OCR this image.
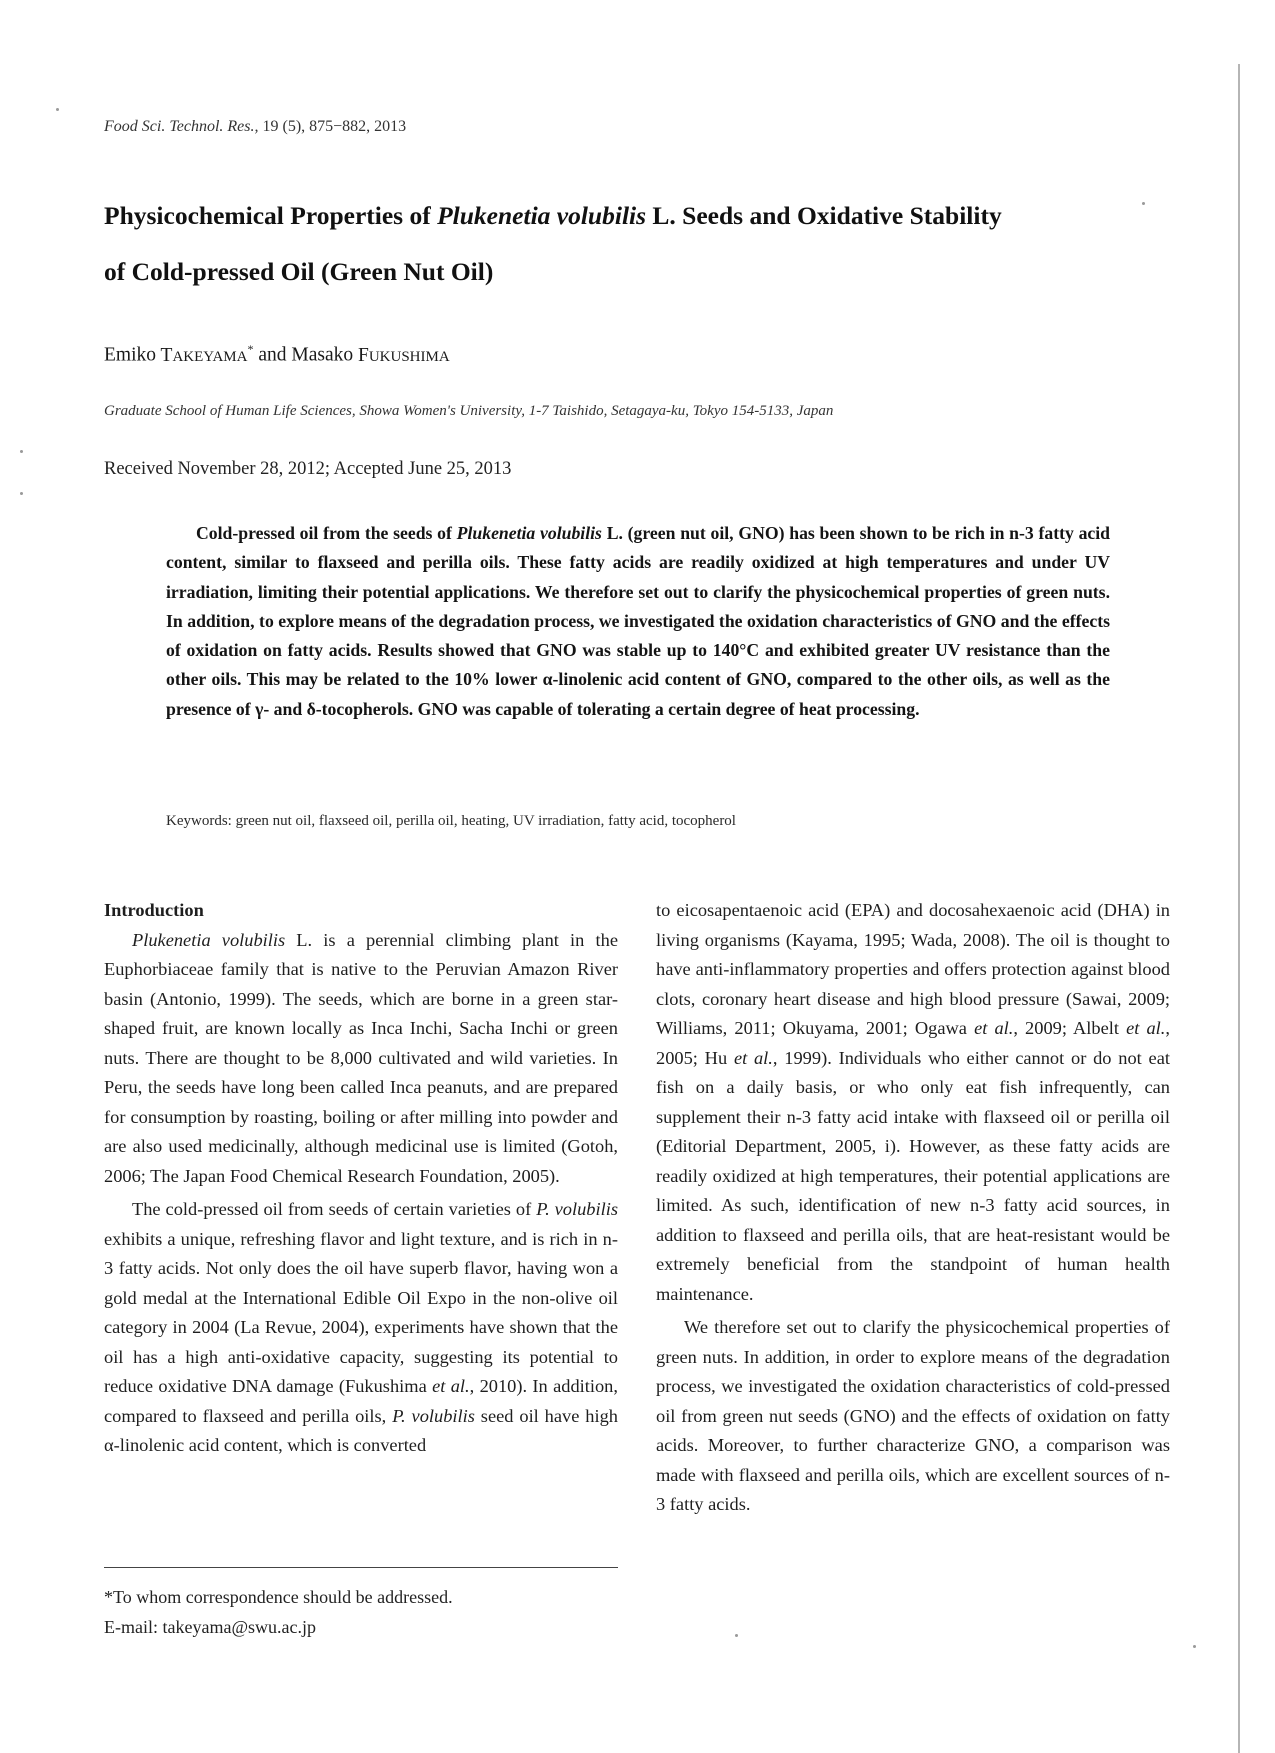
Food Sci. Technol. Res., 19 (5), 875−882, 2013
Physicochemical Properties of Plukenetia volubilis L. Seeds and Oxidative Stability
of Cold-pressed Oil (Green Nut Oil)
Emiko TAKEYAMA* and Masako FUKUSHIMA
Graduate School of Human Life Sciences, Showa Women's University, 1-7 Taishido, Setagaya-ku, Tokyo 154-5133, Japan
Received November 28, 2012; Accepted June 25, 2013
Cold-pressed oil from the seeds of Plukenetia volubilis L. (green nut oil, GNO) has been shown to be rich in n-3 fatty acid content, similar to flaxseed and perilla oils. These fatty acids are readily oxidized at high temperatures and under UV irradiation, limiting their potential applications. We therefore set out to clarify the physicochemical properties of green nuts. In addition, to explore means of the degradation process, we investigated the oxidation characteristics of GNO and the effects of oxidation on fatty acids. Results showed that GNO was stable up to 140°C and exhibited greater UV resistance than the other oils. This may be related to the 10% lower α-linolenic acid content of GNO, compared to the other oils, as well as the presence of γ- and δ-tocopherols. GNO was capable of tolerating a certain degree of heat processing.
Keywords: green nut oil, flaxseed oil, perilla oil, heating, UV irradiation, fatty acid, tocopherol
Introduction

Plukenetia volubilis L. is a perennial climbing plant in the Euphorbiaceae family that is native to the Peruvian Amazon River basin (Antonio, 1999). The seeds, which are borne in a green star-shaped fruit, are known locally as Inca Inchi, Sacha Inchi or green nuts. There are thought to be 8,000 cultivated and wild varieties. In Peru, the seeds have long been called Inca peanuts, and are prepared for consumption by roasting, boiling or after milling into powder and are also used medicinally, although medicinal use is limited (Gotoh, 2006; The Japan Food Chemical Research Foundation, 2005).

The cold-pressed oil from seeds of certain varieties of P. volubilis exhibits a unique, refreshing flavor and light texture, and is rich in n-3 fatty acids. Not only does the oil have superb flavor, having won a gold medal at the International Edible Oil Expo in the non-olive oil category in 2004 (La Revue, 2004), experiments have shown that the oil has a high anti-oxidative capacity, suggesting its potential to reduce oxidative DNA damage (Fukushima et al., 2010). In addition, compared to flaxseed and perilla oils, P. volubilis seed oil have high α-linolenic acid content, which is converted

to eicosapentaenoic acid (EPA) and docosahexaenoic acid (DHA) in living organisms (Kayama, 1995; Wada, 2008). The oil is thought to have anti-inflammatory properties and offers protection against blood clots, coronary heart disease and high blood pressure (Sawai, 2009; Williams, 2011; Okuyama, 2001; Ogawa et al., 2009; Albelt et al., 2005; Hu et al., 1999). Individuals who either cannot or do not eat fish on a daily basis, or who only eat fish infrequently, can supplement their n-3 fatty acid intake with flaxseed oil or perilla oil (Editorial Department, 2005, i). However, as these fatty acids are readily oxidized at high temperatures, their potential applications are limited. As such, identification of new n-3 fatty acid sources, in addition to flaxseed and perilla oils, that are heat-resistant would be extremely beneficial from the standpoint of human health maintenance.

We therefore set out to clarify the physicochemical properties of green nuts. In addition, in order to explore means of the degradation process, we investigated the oxidation characteristics of cold-pressed oil from green nut seeds (GNO) and the effects of oxidation on fatty acids. Moreover, to further characterize GNO, a comparison was made with flaxseed and perilla oils, which are excellent sources of n-3 fatty acids.

*To whom correspondence should be addressed.
E-mail: takeyama@swu.ac.jp
